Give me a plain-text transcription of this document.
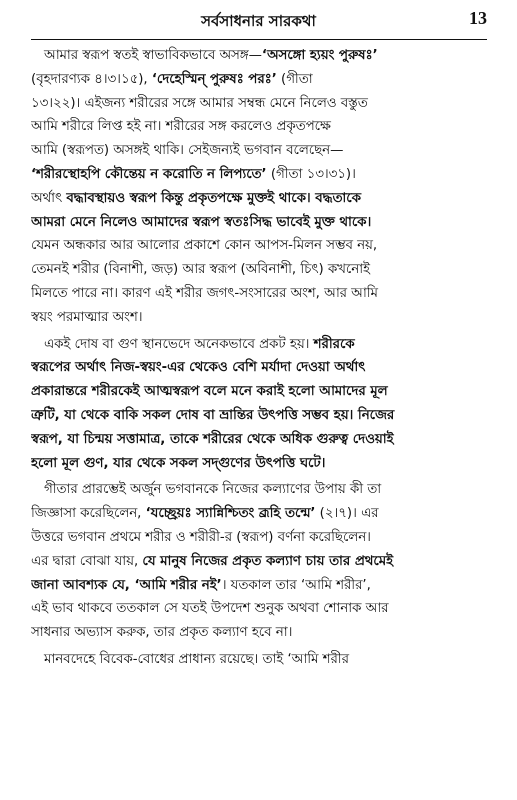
সর্বসাধনার সারকথা	13
আমার স্বরূপ স্বতই স্বাভাবিকভাবে অসঙ্গ—‘অসঙ্গো হ্যয়ং পুরুষঃ’
(বৃহদারণ্যক ৪।৩।১৫), ‘দেহেস্মিন্ পুরুষঃ পরঃ’ (গীতা
১৩।২২)। এইজন্য শরীরের সঙ্গে আমার সম্বন্ধ মেনে নিলেও বস্তুত
আমি শরীরে লিপ্ত হই না। শরীরের সঙ্গ করলেও প্রকৃতপক্ষে
আমি (স্বরূপত) অসঙ্গই থাকি। সেইজন্যই ভগবান বলেছেন—
‘শরীরস্থোহপি কৌন্তেয় ন করোতি ন লিপ্যতে’ (গীতা ১৩।৩১)।
অর্থাৎ বদ্ধাবস্থায়ও স্বরূপ কিন্তু প্রকৃতপক্ষে মুক্তই থাকে। বদ্ধতাকে
আমরা মেনে নিলেও আমাদের স্বরূপ স্বতঃসিদ্ধ ভাবেই মুক্ত থাকে।
যেমন অন্ধকার আর আলোর প্রকাশে কোন আপস-মিলন সম্ভব নয়,
তেমনই শরীর (বিনাশী, জড়) আর স্বরূপ (অবিনাশী, চিৎ) কখনোই
মিলতে পারে না। কারণ এই শরীর জগৎ-সংসারের অংশ, আর আমি
স্বয়ং পরমাত্মার অংশ।
একই দোষ বা গুণ স্থানভেদে অনেকভাবে প্রকট হয়। শরীরকে
স্বরূপের অর্থাৎ নিজ-স্বয়ং-এর থেকেও বেশি মর্যাদা দেওয়া অর্থাৎ
প্রকারান্তরে শরীরকেই আত্মস্বরূপ বলে মনে করাই হলো আমাদের মূল
ত্রুটি, যা থেকে বাকি সকল দোষ বা ভ্রান্তির উৎপত্তি সম্ভব হয়। নিজের
স্বরূপ, যা চিন্ময় সত্তামাত্র, তাকে শরীরের থেকে অধিক গুরুত্ব দেওয়াই
হলো মূল গুণ, যার থেকে সকল সদ্গুণের উৎপত্তি ঘটে।
গীতার প্রারম্ভেই অর্জুন ভগবানকে নিজের কল্যাণের উপায় কী তা
জিজ্ঞাসা করেছিলেন, ‘যচ্ছ্রেয়ঃ স্যান্নিশ্চিতং ব্রূহি তন্মে’ (২।৭)। এর
উত্তরে ভগবান প্রথমে শরীর ও শরীরী-র (স্বরূপ) বর্ণনা করেছিলেন।
এর দ্বারা বোঝা যায়, যে মানুষ নিজের প্রকৃত কল্যাণ চায় তার প্রথমেই
জানা আবশ্যক যে, ‘আমি শরীর নই’। যতকাল তার ‘আমি শরীর’,
এই ভাব থাকবে ততকাল সে যতই উপদেশ শুনুক অথবা শোনাক আর
সাধনার অভ্যাস করুক, তার প্রকৃত কল্যাণ হবে না।
মানবদেহে বিবেক-বোধের প্রাধান্য রয়েছে। তাই ‘আমি শরীর
